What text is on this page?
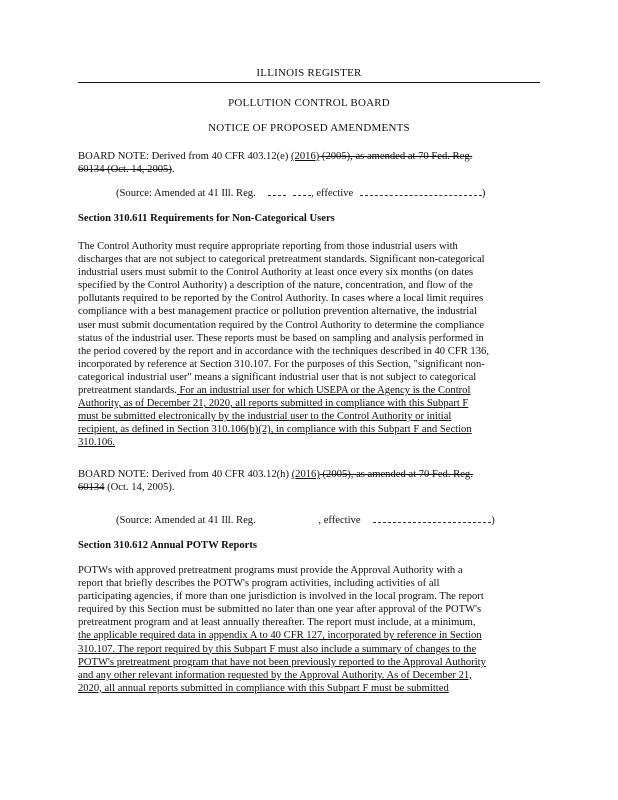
ILLINOIS REGISTER
POLLUTION CONTROL BOARD
NOTICE OF PROPOSED AMENDMENTS
BOARD NOTE: Derived from 40 CFR 403.12(e) (2016) (2005), as amended at 70 Fed. Reg.
60134 (Oct. 14, 2005).
(Source: Amended at 41 Ill. Reg.	, effective	)
Section 310.611 Requirements for Non-Categorical Users
The Control Authority must require appropriate reporting from those industrial users with
discharges that are not subject to categorical pretreatment standards. Significant non-categorical
industrial users must submit to the Control Authority at least once every six months (on dates
specified by the Control Authority) a description of the nature, concentration, and flow of the
pollutants required to be reported by the Control Authority. In cases where a local limit requires
compliance with a best management practice or pollution prevention alternative, the industrial
user must submit documentation required by the Control Authority to determine the compliance
status of the industrial user. These reports must be based on sampling and analysis performed in
the period covered by the report and in accordance with the techniques described in 40 CFR 136,
incorporated by reference at Section 310.107. For the purposes of this Section, "significant non-
categorical industrial user" means a significant industrial user that is not subject to categorical
pretreatment standards. For an industrial user for which USEPA or the Agency is the Control
Authority, as of December 21, 2020, all reports submitted in compliance with this Subpart F
must be submitted electronically by the industrial user to the Control Authority or initial
recipient, as defined in Section 310.106(b)(2), in compliance with this Subpart F and Section
310.106.
BOARD NOTE: Derived from 40 CFR 403.12(h) (2016) (2005), as amended at 70 Fed. Reg.
60134 (Oct. 14, 2005).
(Source: Amended at 41 Ill. Reg.	, effective	)
Section 310.612 Annual POTW Reports
POTWs with approved pretreatment programs must provide the Approval Authority with a
report that briefly describes the POTW's program activities, including activities of all
participating agencies, if more than one jurisdiction is involved in the local program. The report
required by this Section must be submitted no later than one year after approval of the POTW's
pretreatment program and at least annually thereafter. The report must include, at a minimum,
the applicable required data in appendix A to 40 CFR 127, incorporated by reference in Section
310.107. The report required by this Subpart F must also include a summary of changes to the
POTW's pretreatment program that have not been previously reported to the Approval Authority
and any other relevant information requested by the Approval Authority. As of December 21,
2020, all annual reports submitted in compliance with this Subpart F must be submitted
